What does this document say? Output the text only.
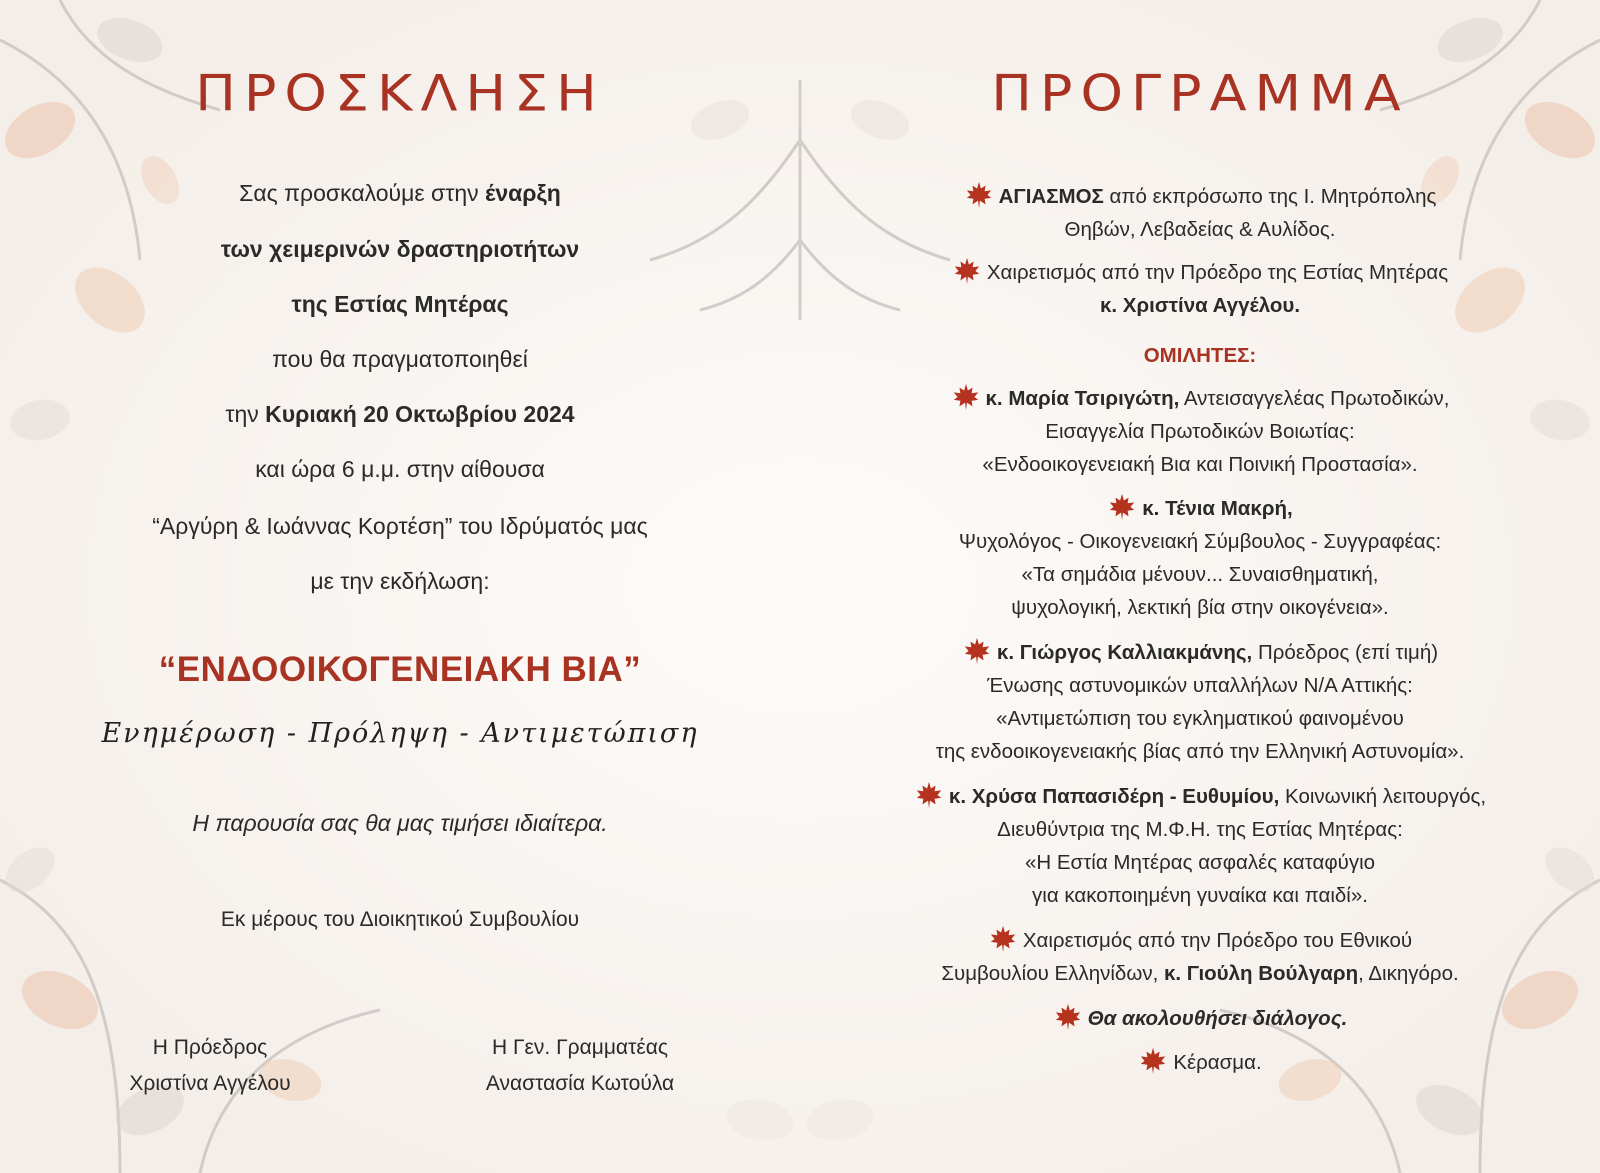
ΠΡΟΣΚΛΗΣΗ
Σας προσκαλούμε στην έναρξη
των χειμερινών δραστηριοτήτων
της Εστίας Μητέρας
που θα πραγματοποιηθεί
την Κυριακή 20 Οκτωβρίου 2024
και ώρα 6 μ.μ. στην αίθουσα
“Αργύρη & Ιωάννας Κορτέση” του Ιδρύματός μας
με την εκδήλωση:
“ΕΝΔΟΟΙΚΟΓΕΝΕΙΑΚΗ ΒΙΑ”
Ενημέρωση - Πρόληψη - Αντιμετώπιση
Η παρουσία σας θα μας τιμήσει ιδιαίτερα.
Εκ μέρους του Διοικητικού Συμβουλίου
Η Πρόεδρος
Χριστίνα Αγγέλου
Η Γεν. Γραμματέας
Αναστασία Κωτούλα
ΠΡΟΓΡΑΜΜΑ
ΑΓΙΑΣΜΟΣ από εκπρόσωπο της Ι. Μητρόπολης
Θηβών, Λεβαδείας & Αυλίδος.
Χαιρετισμός από την Πρόεδρο της Εστίας Μητέρας
κ. Χριστίνα Αγγέλου.
ΟΜΙΛΗΤΕΣ:
κ. Μαρία Τσιριγώτη, Αντεισαγγελέας Πρωτοδικών,
Εισαγγελία Πρωτοδικών Βοιωτίας:
«Ενδοοικογενειακή Βια και Ποινική Προστασία».
κ. Τένια Μακρή,
Ψυχολόγος - Οικογενειακή Σύμβουλος - Συγγραφέας:
«Τα σημάδια μένουν... Συναισθηματική,
ψυχολογική, λεκτική βία στην οικογένεια».
κ. Γιώργος Καλλιακμάνης, Πρόεδρος (επί τιμή)
Ένωσης αστυνομικών υπαλλήλων Ν/Α Αττικής:
«Αντιμετώπιση του εγκληματικού φαινομένου
της ενδοοικογενειακής βίας από την Ελληνική Αστυνομία».
κ. Χρύσα Παπασιδέρη - Ευθυμίου, Κοινωνική λειτουργός,
Διευθύντρια της Μ.Φ.Η. της Εστίας Μητέρας:
«Η Εστία Μητέρας ασφαλές καταφύγιο
για κακοποιημένη γυναίκα και παιδί».
Χαιρετισμός από την Πρόεδρο του Εθνικού
Συμβουλίου Ελληνίδων, κ. Γιούλη Βούλγαρη, Δικηγόρο.
Θα ακολουθήσει διάλογος.
Κέρασμα.
